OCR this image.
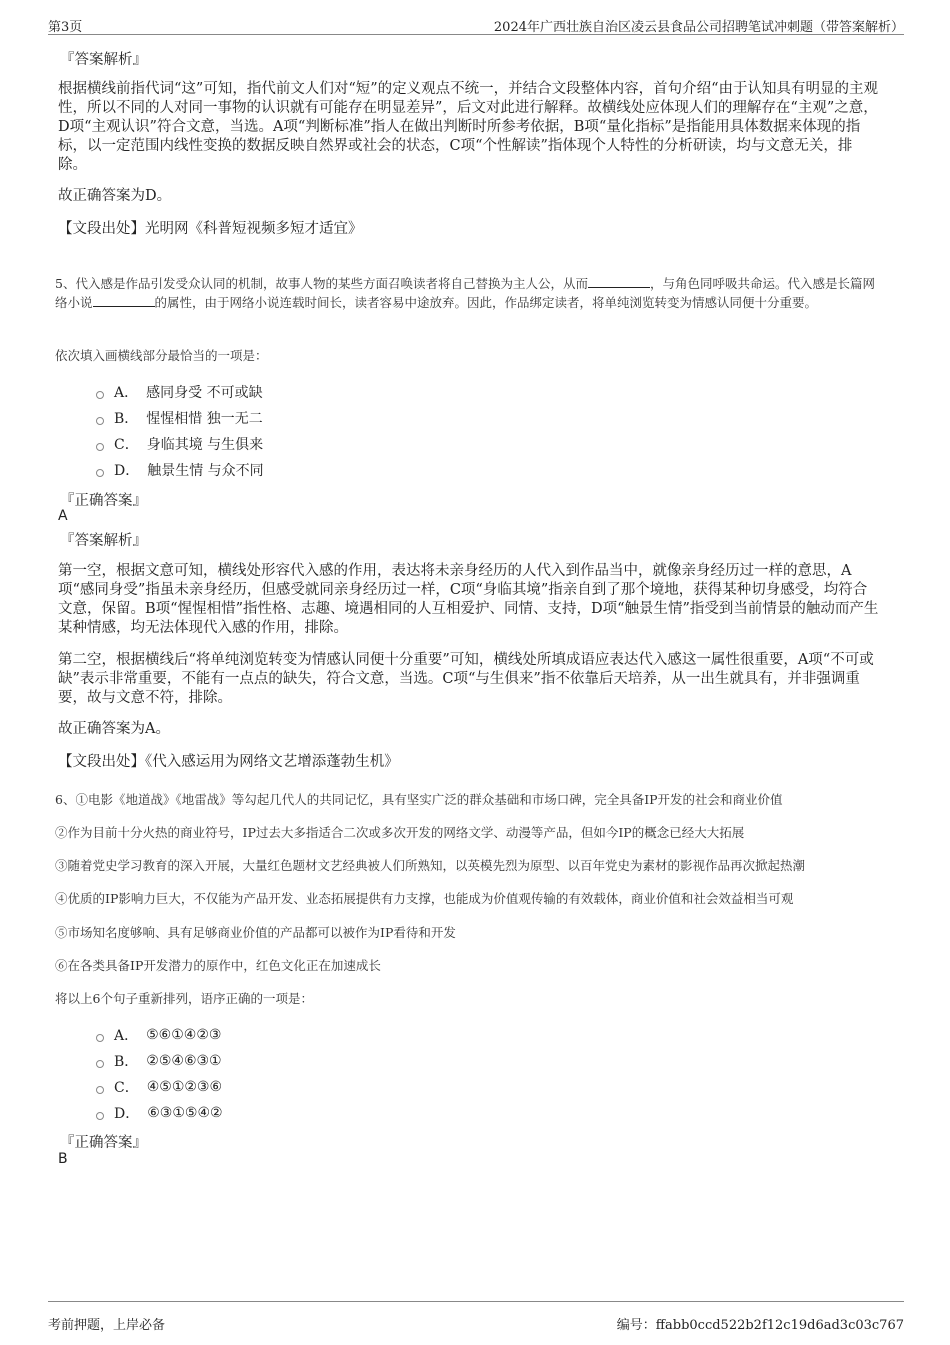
第3页	2024年广西壮族自治区凌云县食品公司招聘笔试冲刺题（带答案解析）
『答案解析』

根据横线前指代词“这”可知，指代前文人们对“短”的定义观点不统一，并结合文段整体内容，首句介绍“由于认知具有明显的主观性，所以不同的人对同一事物的认识就有可能存在明显差异”，后文对此进行解释。故横线处应体现人们的理解存在“主观”之意，D项“主观认识”符合文意，当选。A项“判断标准”指人在做出判断时所参考依据，B项“量化指标”是指能用具体数据来体现的指标，以一定范围内线性变换的数据反映自然界或社会的状态，C项“个性解读”指体现个人特性的分析研读，均与文意无关，排除。

故正确答案为D。
【文段出处】光明网《科普短视频多短才适宜》

5、代入感是作品引发受众认同的机制，故事人物的某些方面召唤读者将自己替换为主人公，从而	，与角色同呼吸共命运。代入感是长篇网络小说	的属性，由于网络小说连载时间长，读者容易中途放弃。因此，作品绑定读者，将单纯浏览转变为情感认同便十分重要。

依次填入画横线部分最恰当的一项是：
A． 感同身受 不可或缺
B． 惺惺相惜 独一无二
C． 身临其境 与生俱来
D． 触景生情 与众不同
『正确答案』
A
『答案解析』

第一空，根据文意可知，横线处形容代入感的作用，表达将未亲身经历的人代入到作品当中，就像亲身经历过一样的意思，A项“感同身受”指虽未亲身经历，但感受就同亲身经历过一样，C项“身临其境”指亲自到了那个境地，获得某种切身感受，均符合文意，保留。B项“惺惺相惜”指性格、志趣、境遇相同的人互相爱护、同情、支持，D项“触景生情”指受到当前情景的触动而产生某种情感，均无法体现代入感的作用，排除。

第二空，根据横线后“将单纯浏览转变为情感认同便十分重要”可知，横线处所填成语应表达代入感这一属性很重要，A项“不可或缺”表示非常重要，不能有一点点的缺失，符合文意，当选。C项“与生俱来”指不依靠后天培养，从一出生就具有，并非强调重要，故与文意不符，排除。

故正确答案为A。
【文段出处】《代入感运用为网络文艺增添蓬勃生机》
6、①电影《地道战》《地雷战》等勾起几代人的共同记忆，具有坚实广泛的群众基础和市场口碑，完全具备IP开发的社会和商业价值
②作为目前十分火热的商业符号，IP过去大多指适合二次或多次开发的网络文学、动漫等产品，但如今IP的概念已经大大拓展
③随着党史学习教育的深入开展，大量红色题材文艺经典被人们所熟知，以英模先烈为原型、以百年党史为素材的影视作品再次掀起热潮
④优质的IP影响力巨大，不仅能为产品开发、业态拓展提供有力支撑，也能成为价值观传输的有效载体，商业价值和社会效益相当可观
⑤市场知名度够响、具有足够商业价值的产品都可以被作为IP看待和开发
⑥在各类具备IP开发潜力的原作中，红色文化正在加速成长
将以上6个句子重新排列，语序正确的一项是：
A． ⑤⑥①④②③
B． ②⑤④⑥③①
C． ④⑤①②③⑥
D． ⑥③①⑤④②
『正确答案』
B
考前押题，上岸必备	编号：ffabb0ccd522b2f12c19d6ad3c03c767
